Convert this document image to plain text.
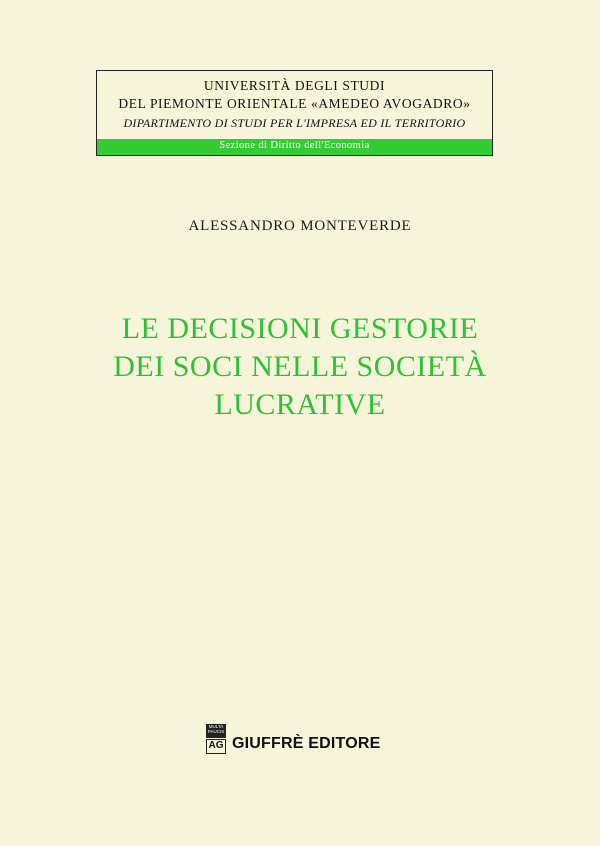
UNIVERSITÀ DEGLI STUDI
DEL PIEMONTE ORIENTALE «AMEDEO AVOGADRO»
DIPARTIMENTO DI STUDI PER L'IMPRESA ED IL TERRITORIO
Sezione di Diritto dell'Economia
ALESSANDRO MONTEVERDE
LE DECISIONI GESTORIE
DEI SOCI NELLE SOCIETÀ
LUCRATIVE
MULTA PAUCIS
AG GIUFFRÈ EDITORE
